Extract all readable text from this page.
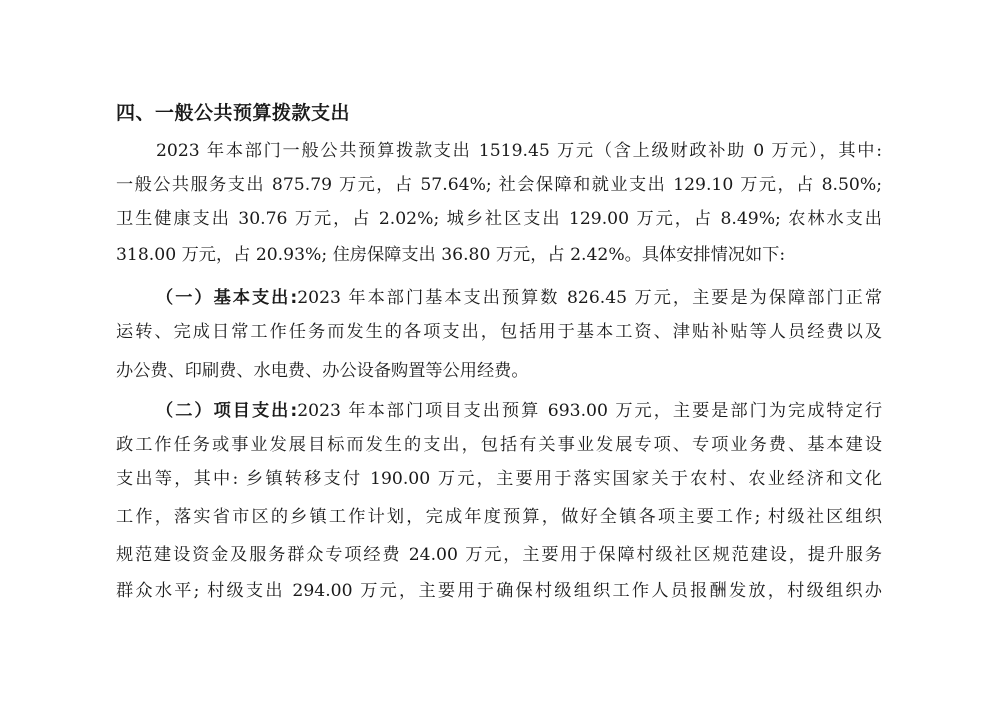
四、一般公共预算拨款支出

2023 年本部门一般公共预算拨款支出 1519.45 万元（含上级财政补助 0 万元），其中:

一般公共服务支出 875.79 万元，占 57.64%; 社会保障和就业支出 129.10 万元，占 8.50%;

卫生健康支出 30.76 万元，占 2.02%; 城乡社区支出 129.00 万元，占 8.49%; 农林水支出

318.00 万元，占 20.93%; 住房保障支出 36.80 万元，占 2.42%。具体安排情况如下:

（一）基本支出:2023 年本部门基本支出预算数 826.45 万元，主要是为保障部门正常

运转、完成日常工作任务而发生的各项支出，包括用于基本工资、津贴补贴等人员经费以及

办公费、印刷费、水电费、办公设备购置等公用经费。

（二）项目支出:2023 年本部门项目支出预算 693.00 万元，主要是部门为完成特定行

政工作任务或事业发展目标而发生的支出，包括有关事业发展专项、专项业务费、基本建设

支出等，其中: 乡镇转移支付 190.00 万元，主要用于落实国家关于农村、农业经济和文化

工作，落实省市区的乡镇工作计划，完成年度预算，做好全镇各项主要工作; 村级社区组织

规范建设资金及服务群众专项经费 24.00 万元，主要用于保障村级社区规范建设，提升服务

群众水平; 村级支出 294.00 万元，主要用于确保村级组织工作人员报酬发放，村级组织办
